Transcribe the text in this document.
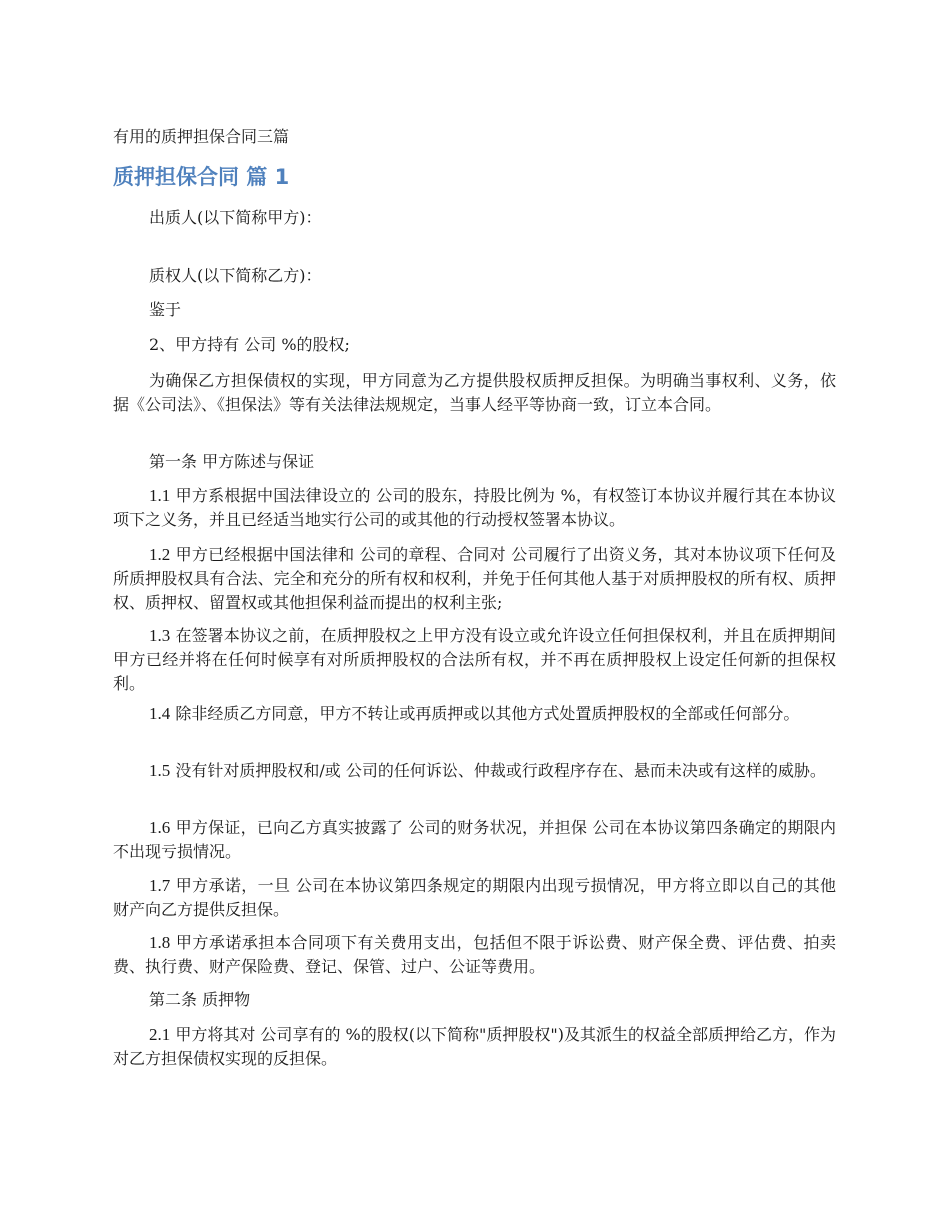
有用的质押担保合同三篇
质押担保合同 篇 1

出质人(以下简称甲方)：

质权人(以下简称乙方)：

鉴于

2、甲方持有 公司 %的股权;

为确保乙方担保债权的实现，甲方同意为乙方提供股权质押反担保。为明确当事权利、义务，依据《公司法》、《担保法》等有关法律法规规定，当事人经平等协商一致，订立本合同。

第一条 甲方陈述与保证

1.1 甲方系根据中国法律设立的 公司的股东，持股比例为 %，有权签订本协议并履行其在本协议项下之义务，并且已经适当地实行公司的或其他的行动授权签署本协议。

1.2 甲方已经根据中国法律和 公司的章程、合同对 公司履行了出资义务，其对本协议项下任何及所质押股权具有合法、完全和充分的所有权和权利，并免于任何其他人基于对质押股权的所有权、质押权、质押权、留置权或其他担保利益而提出的权利主张;

1.3 在签署本协议之前，在质押股权之上甲方没有设立或允许设立任何担保权利，并且在质押期间甲方已经并将在任何时候享有对所质押股权的合法所有权，并不再在质押股权上设定任何新的担保权利。

1.4 除非经质乙方同意，甲方不转让或再质押或以其他方式处置质押股权的全部或任何部分。

1.5 没有针对质押股权和/或 公司的任何诉讼、仲裁或行政程序存在、悬而未决或有这样的威胁。

1.6 甲方保证，已向乙方真实披露了 公司的财务状况，并担保 公司在本协议第四条确定的期限内不出现亏损情况。

1.7 甲方承诺，一旦 公司在本协议第四条规定的期限内出现亏损情况，甲方将立即以自己的其他财产向乙方提供反担保。

1.8 甲方承诺承担本合同项下有关费用支出，包括但不限于诉讼费、财产保全费、评估费、拍卖费、执行费、财产保险费、登记、保管、过户、公证等费用。

第二条 质押物

2.1 甲方将其对 公司享有的 %的股权(以下简称"质押股权")及其派生的权益全部质押给乙方，作为对乙方担保债权实现的反担保。
